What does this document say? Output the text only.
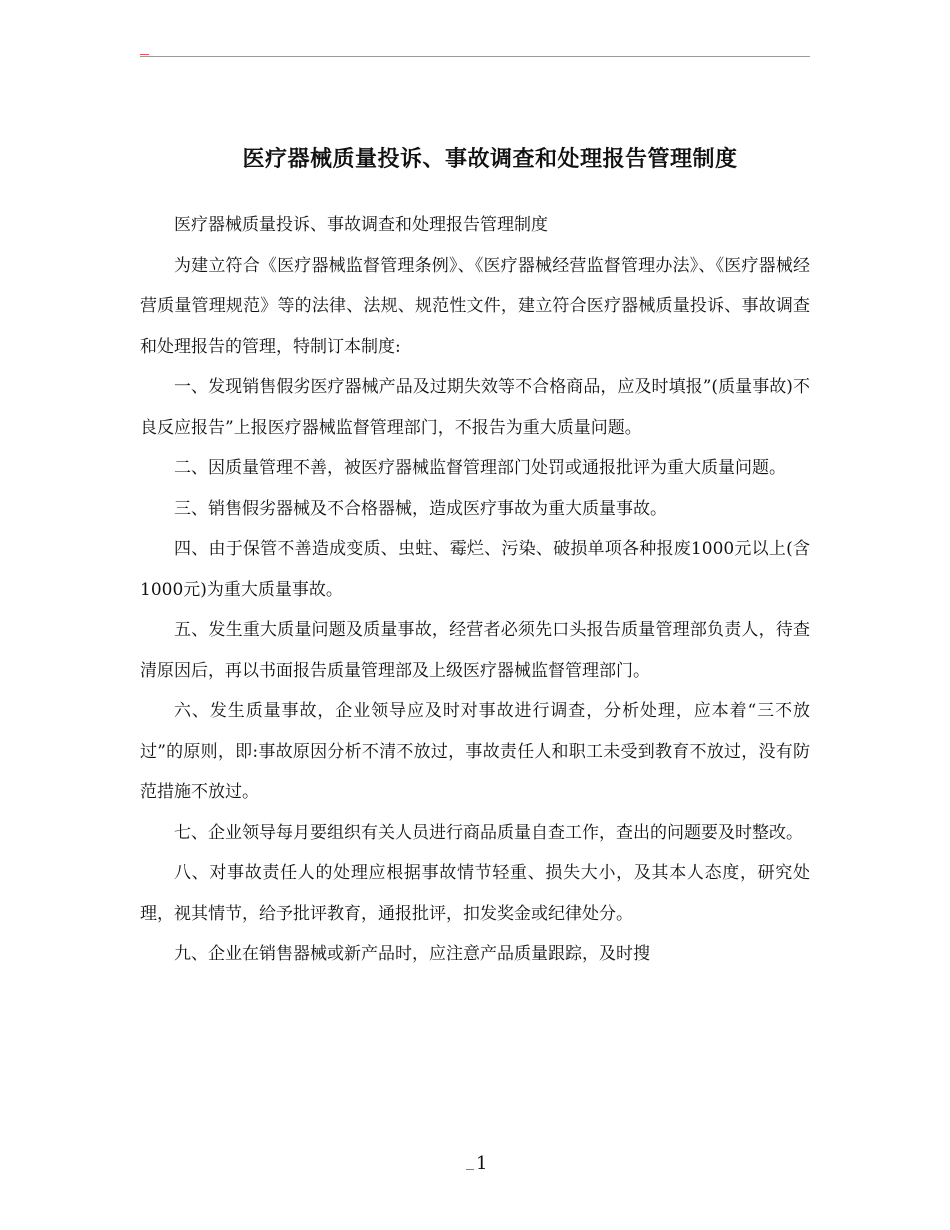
医疗器械质量投诉、事故调查和处理报告管理制度

医疗器械质量投诉、事故调查和处理报告管理制度

为建立符合《医疗器械监督管理条例》、《医疗器械经营监督管理办法》、《医疗器械经营质量管理规范》等的法律、法规、规范性文件，建立符合医疗器械质量投诉、事故调查和处理报告的管理，特制订本制度:

一、发现销售假劣医疗器械产品及过期失效等不合格商品，应及时填报”(质量事故)不良反应报告”上报医疗器械监督管理部门，不报告为重大质量问题。

二、因质量管理不善，被医疗器械监督管理部门处罚或通报批评为重大质量问题。

三、销售假劣器械及不合格器械，造成医疗事故为重大质量事故。

四、由于保管不善造成变质、虫蛀、霉烂、污染、破损单项各种报废1000元以上(含1000元)为重大质量事故。

五、发生重大质量问题及质量事故，经营者必须先口头报告质量管理部负责人，待查清原因后，再以书面报告质量管理部及上级医疗器械监督管理部门。

六、发生质量事故，企业领导应及时对事故进行调查，分析处理，应本着“三不放过”的原则，即:事故原因分析不清不放过，事故责任人和职工未受到教育不放过，没有防范措施不放过。

七、企业领导每月要组织有关人员进行商品质量自查工作，查出的问题要及时整改。

八、对事故责任人的处理应根据事故情节轻重、损失大小，及其本人态度，研究处理，视其情节，给予批评教育，通报批评，扣发奖金或纪律处分。

九、企业在销售器械或新产品时，应注意产品质量跟踪，及时搜

1
